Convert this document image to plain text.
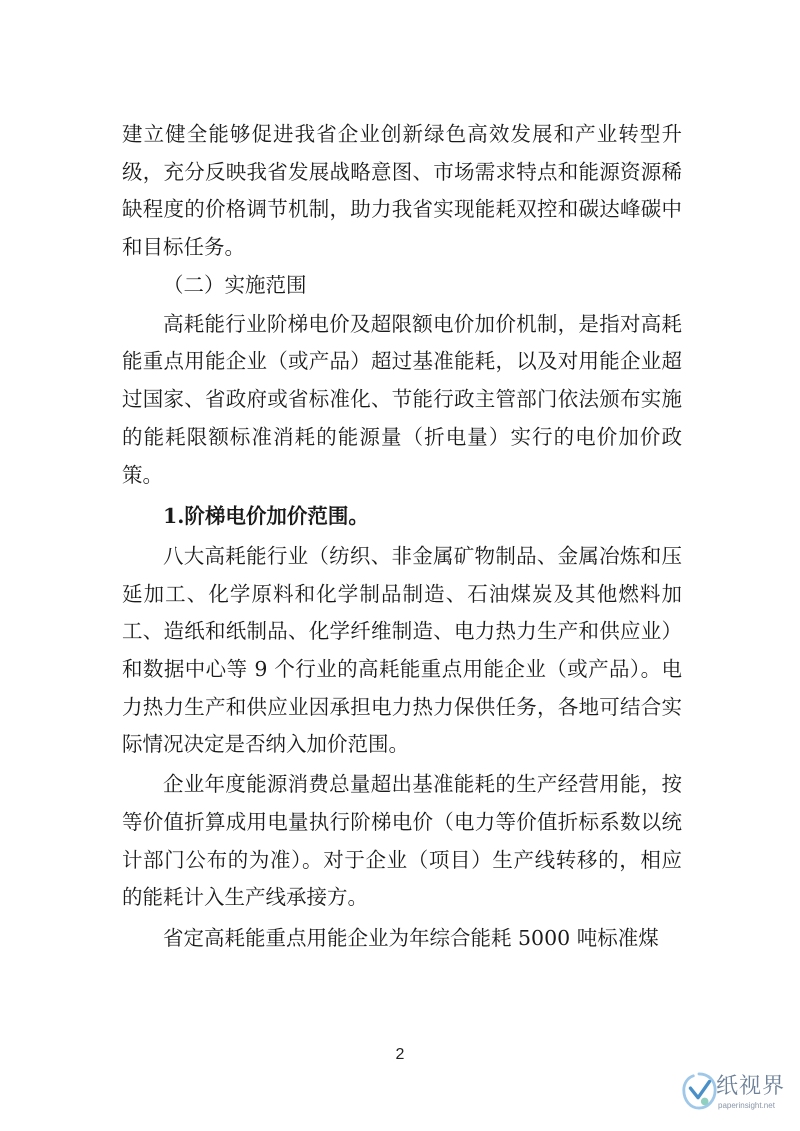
建立健全能够促进我省企业创新绿色高效发展和产业转型升级，充分反映我省发展战略意图、市场需求特点和能源资源稀缺程度的价格调节机制，助力我省实现能耗双控和碳达峰碳中和目标任务。

（二）实施范围

高耗能行业阶梯电价及超限额电价加价机制，是指对高耗能重点用能企业（或产品）超过基准能耗，以及对用能企业超过国家、省政府或省标准化、节能行政主管部门依法颁布实施的能耗限额标准消耗的能源量（折电量）实行的电价加价政策。

1.阶梯电价加价范围。

八大高耗能行业（纺织、非金属矿物制品、金属冶炼和压延加工、化学原料和化学制品制造、石油煤炭及其他燃料加工、造纸和纸制品、化学纤维制造、电力热力生产和供应业）和数据中心等 9 个行业的高耗能重点用能企业（或产品）。电力热力生产和供应业因承担电力热力保供任务，各地可结合实际情况决定是否纳入加价范围。

企业年度能源消费总量超出基准能耗的生产经营用能，按等价值折算成用电量执行阶梯电价（电力等价值折标系数以统计部门公布的为准）。对于企业（项目）生产线转移的，相应的能耗计入生产线承接方。

省定高耗能重点用能企业为年综合能耗 5000 吨标准煤

2
纸视界
paperinsight.net
